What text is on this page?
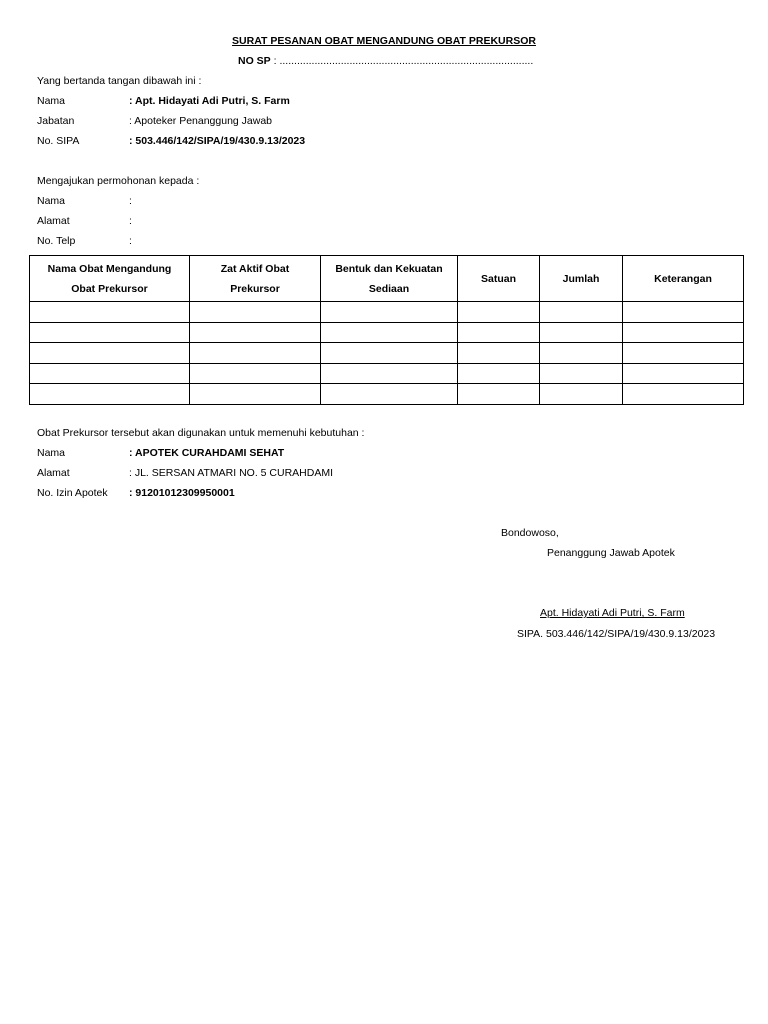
SURAT PESANAN OBAT MENGANDUNG OBAT PREKURSOR
NO SP : .......................................................................................
Yang bertanda tangan dibawah ini :
Nama	: Apt. Hidayati Adi Putri, S. Farm
Jabatan	: Apoteker Penanggung Jawab
No. SIPA	: 503.446/142/SIPA/19/430.9.13/2023
Mengajukan permohonan kepada :
Nama	:
Alamat	:
No. Telp	:
Nama Obat Mengandung Obat Prekursor	Zat Aktif Obat Prekursor	Bentuk dan Kekuatan Sediaan	Satuan	Jumlah	Keterangan

Obat Prekursor tersebut akan digunakan untuk memenuhi kebutuhan :
Nama	: APOTEK CURAHDAMI SEHAT
Alamat	: JL. SERSAN ATMARI NO. 5 CURAHDAMI
No. Izin Apotek : 91201012309950001
Bondowoso,
Penanggung Jawab Apotek
Apt. Hidayati Adi Putri, S. Farm
SIPA. 503.446/142/SIPA/19/430.9.13/2023
